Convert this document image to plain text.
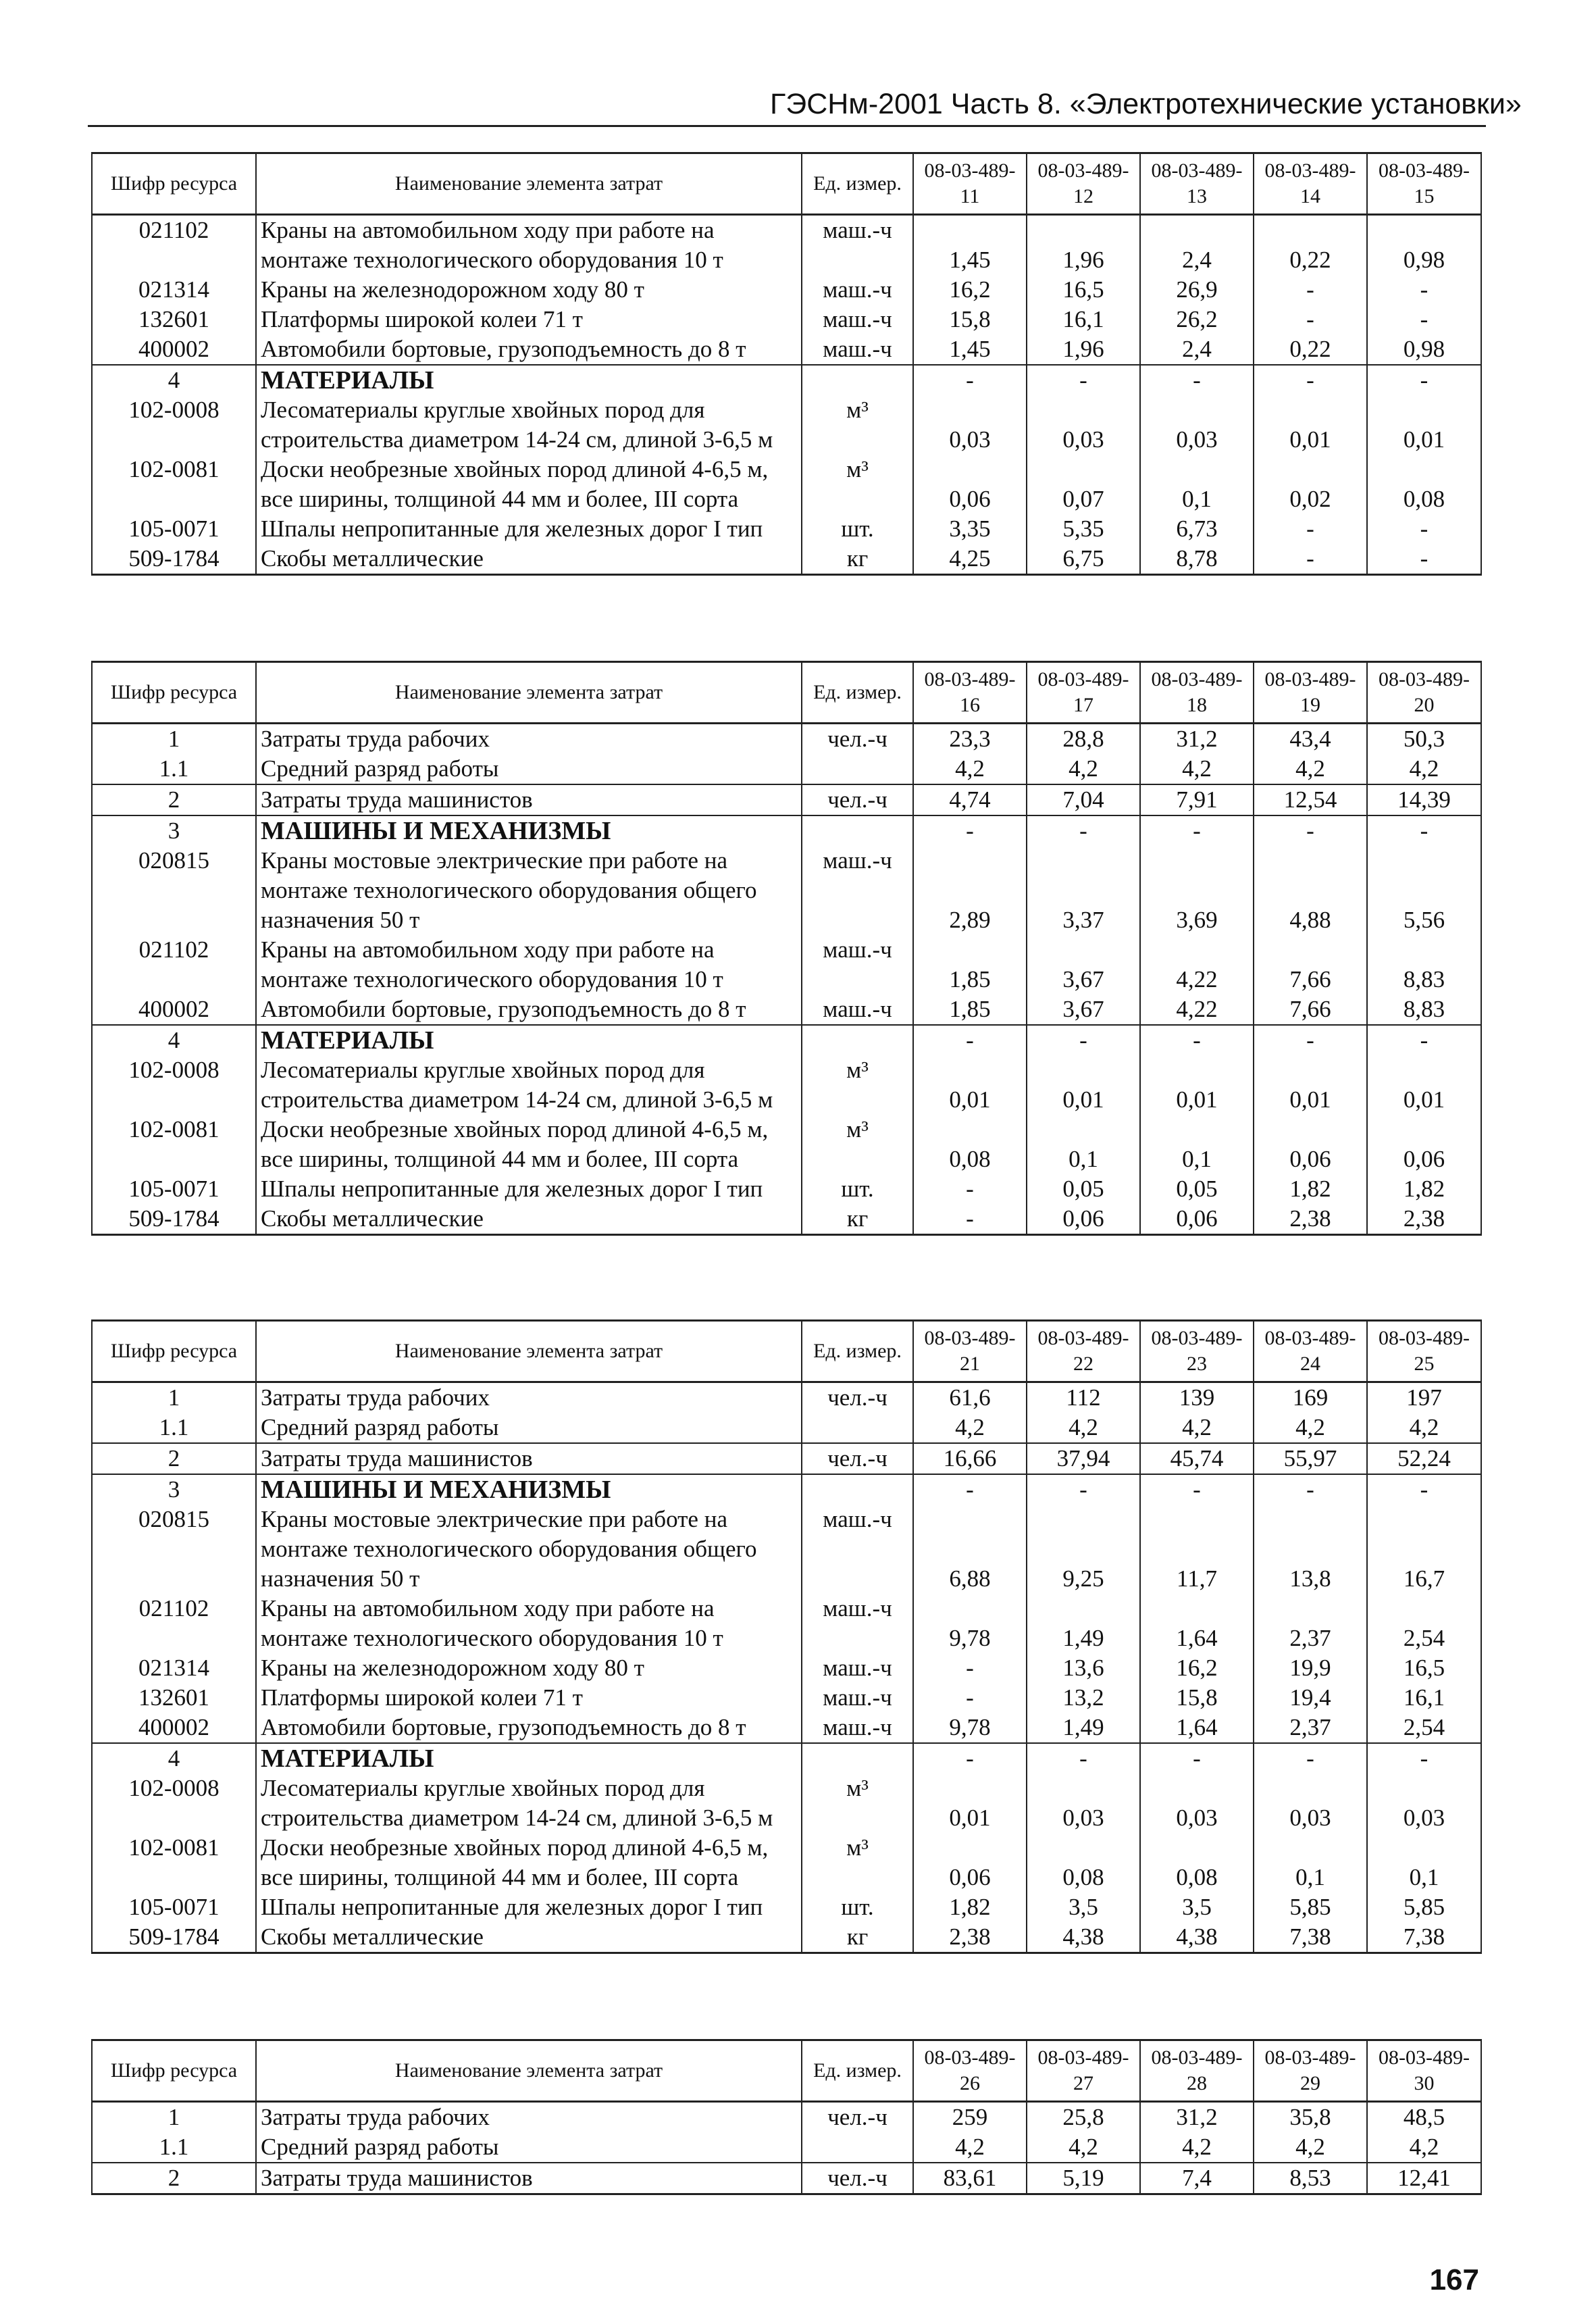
ГЭСНм-2001 Часть 8. «Электротехнические установки»
Шифр ресурса	Наименование элемента затрат	Ед. измер.	08-03-489-11	08-03-489-12	08-03-489-13	08-03-489-14	08-03-489-15
021102	Краны на автомобильном ходу при работе на монтаже технологического оборудования 10 т	маш.-ч	1,45	1,96	2,4	0,22	0,98
021314	Краны на железнодорожном ходу 80 т	маш.-ч	16,2	16,5	26,9	-	-
132601	Платформы широкой колеи 71 т	маш.-ч	15,8	16,1	26,2	-	-
400002	Автомобили бортовые, грузоподъемность до 8 т	маш.-ч	1,45	1,96	2,4	0,22	0,98
4	МАТЕРИАЛЫ		-	-	-	-	-
102-0008	Лесоматериалы круглые хвойных пород для строительства диаметром 14-24 см, длиной 3-6,5 м	м³	0,03	0,03	0,03	0,01	0,01
102-0081	Доски необрезные хвойных пород длиной 4-6,5 м, все ширины, толщиной 44 мм и более, III сорта	м³	0,06	0,07	0,1	0,02	0,08
105-0071	Шпалы непропитанные для железных дорог I тип	шт.	3,35	5,35	6,73	-	-
509-1784	Скобы металлические	кг	4,25	6,75	8,78	-	-
Шифр ресурса	Наименование элемента затрат	Ед. измер.	08-03-489-16	08-03-489-17	08-03-489-18	08-03-489-19	08-03-489-20
1	Затраты труда рабочих	чел.-ч	23,3	28,8	31,2	43,4	50,3
1.1	Средний разряд работы		4,2	4,2	4,2	4,2	4,2
2	Затраты труда машинистов	чел.-ч	4,74	7,04	7,91	12,54	14,39
3	МАШИНЫ И МЕХАНИЗМЫ		-	-	-	-	-
020815	Краны мостовые электрические при работе на монтаже технологического оборудования общего назначения 50 т	маш.-ч	2,89	3,37	3,69	4,88	5,56
021102	Краны на автомобильном ходу при работе на монтаже технологического оборудования 10 т	маш.-ч	1,85	3,67	4,22	7,66	8,83
400002	Автомобили бортовые, грузоподъемность до 8 т	маш.-ч	1,85	3,67	4,22	7,66	8,83
4	МАТЕРИАЛЫ		-	-	-	-	-
102-0008	Лесоматериалы круглые хвойных пород для строительства диаметром 14-24 см, длиной 3-6,5 м	м³	0,01	0,01	0,01	0,01	0,01
102-0081	Доски необрезные хвойных пород длиной 4-6,5 м, все ширины, толщиной 44 мм и более, III сорта	м³	0,08	0,1	0,1	0,06	0,06
105-0071	Шпалы непропитанные для железных дорог I тип	шт.	-	0,05	0,05	1,82	1,82
509-1784	Скобы металлические	кг	-	0,06	0,06	2,38	2,38
Шифр ресурса	Наименование элемента затрат	Ед. измер.	08-03-489-21	08-03-489-22	08-03-489-23	08-03-489-24	08-03-489-25
1	Затраты труда рабочих	чел.-ч	61,6	112	139	169	197
1.1	Средний разряд работы		4,2	4,2	4,2	4,2	4,2
2	Затраты труда машинистов	чел.-ч	16,66	37,94	45,74	55,97	52,24
3	МАШИНЫ И МЕХАНИЗМЫ		-	-	-	-	-
020815	Краны мостовые электрические при работе на монтаже технологического оборудования общего назначения 50 т	маш.-ч	6,88	9,25	11,7	13,8	16,7
021102	Краны на автомобильном ходу при работе на монтаже технологического оборудования 10 т	маш.-ч	9,78	1,49	1,64	2,37	2,54
021314	Краны на железнодорожном ходу 80 т	маш.-ч	-	13,6	16,2	19,9	16,5
132601	Платформы широкой колеи 71 т	маш.-ч	-	13,2	15,8	19,4	16,1
400002	Автомобили бортовые, грузоподъемность до 8 т	маш.-ч	9,78	1,49	1,64	2,37	2,54
4	МАТЕРИАЛЫ		-	-	-	-	-
102-0008	Лесоматериалы круглые хвойных пород для строительства диаметром 14-24 см, длиной 3-6,5 м	м³	0,01	0,03	0,03	0,03	0,03
102-0081	Доски необрезные хвойных пород длиной 4-6,5 м, все ширины, толщиной 44 мм и более, III сорта	м³	0,06	0,08	0,08	0,1	0,1
105-0071	Шпалы непропитанные для железных дорог I тип	шт.	1,82	3,5	3,5	5,85	5,85
509-1784	Скобы металлические	кг	2,38	4,38	4,38	7,38	7,38
Шифр ресурса	Наименование элемента затрат	Ед. измер.	08-03-489-26	08-03-489-27	08-03-489-28	08-03-489-29	08-03-489-30
1	Затраты труда рабочих	чел.-ч	259	25,8	31,2	35,8	48,5
1.1	Средний разряд работы		4,2	4,2	4,2	4,2	4,2
2	Затраты труда машинистов	чел.-ч	83,61	5,19	7,4	8,53	12,41
167
